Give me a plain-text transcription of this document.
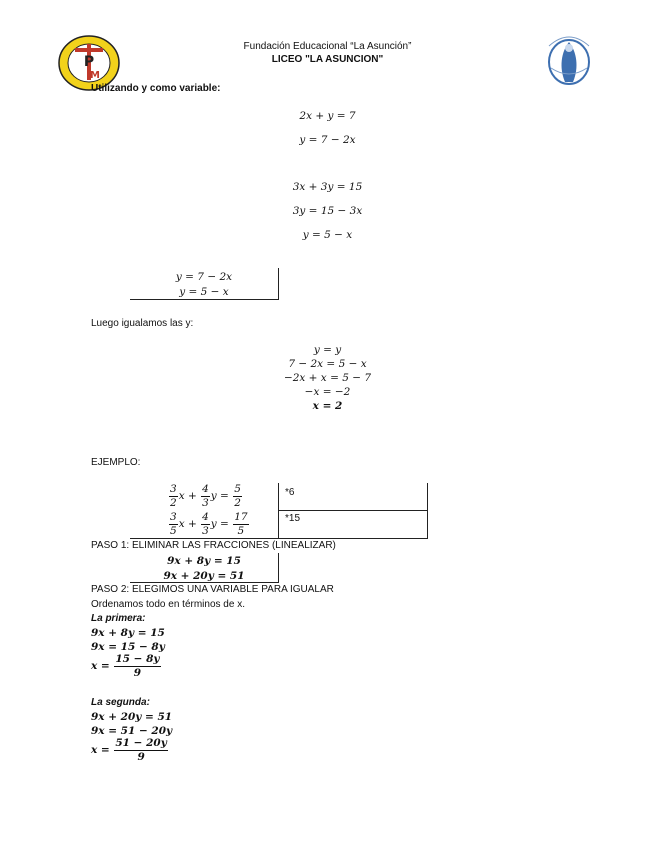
P
M
Fundación Educacional “La Asunción”
LICEO "LA ASUNCION"
Utilizando y como variable:
2x + y = 7
y = 7 − 2x
3x + 3y = 15
3y = 15 − 3x
y = 5 − x
y = 7 − 2x
y = 5 − x
Luego igualamos las y:
y = y
7 − 2x = 5 − x
−2x + x = 5 − 7
−x = −2
x = 2
EJEMPLO:
$\frac{3}{2}$ $x + \frac{4}{3}$ $y = \frac{5}{2}$	*6
$\frac{3}{5}$ $x + \frac{4}{3}$ $y = \frac{17}{5}$	*15
PASO 1: ELIMINAR LAS FRACCIONES (LINEALIZAR)
9x + 8y = 15
9x + 20y = 51
PASO 2: ELEGIMOS UNA VARIABLE PARA IGUALAR
Ordenamos todo en términos de x.
La primera:
9x + 8y = 15
9x = 15 − 8y
$x = \frac{15 - 8y}{9}$
La segunda:
9x + 20y = 51
9x = 51 − 20y
$x = \frac{51 - 20y}{9}$
